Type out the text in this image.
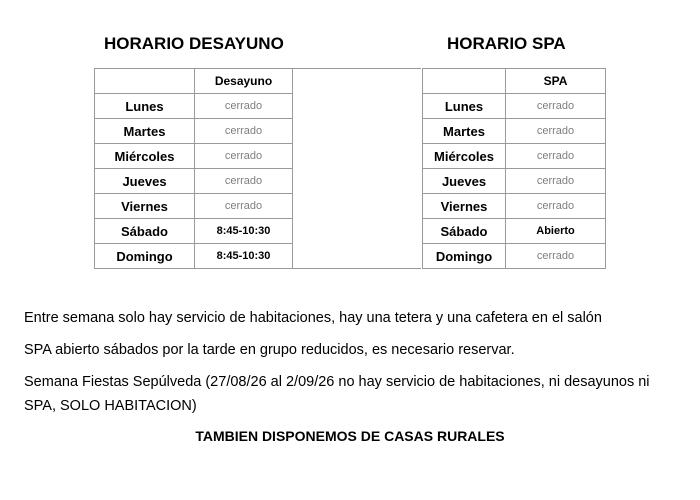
HORARIO DESAYUNO	HORARIO SPA
	Desayuno
Lunes	cerrado
Martes	cerrado
Miércoles	cerrado
Jueves	cerrado
Viernes	cerrado
Sábado	8:45-10:30
Domingo	8:45-10:30
	SPA
Lunes	cerrado
Martes	cerrado
Miércoles	cerrado
Jueves	cerrado
Viernes	cerrado
Sábado	Abierto
Domingo	cerrado
Entre semana solo hay servicio de habitaciones, hay una tetera y una cafetera en el salón
SPA abierto sábados por la tarde en grupo reducidos, es necesario reservar.
Semana Fiestas Sepúlveda (27/08/26 al 2/09/26 no hay servicio de habitaciones, ni desayunos ni SPA, SOLO HABITACION)
TAMBIEN DISPONEMOS DE CASAS RURALES
